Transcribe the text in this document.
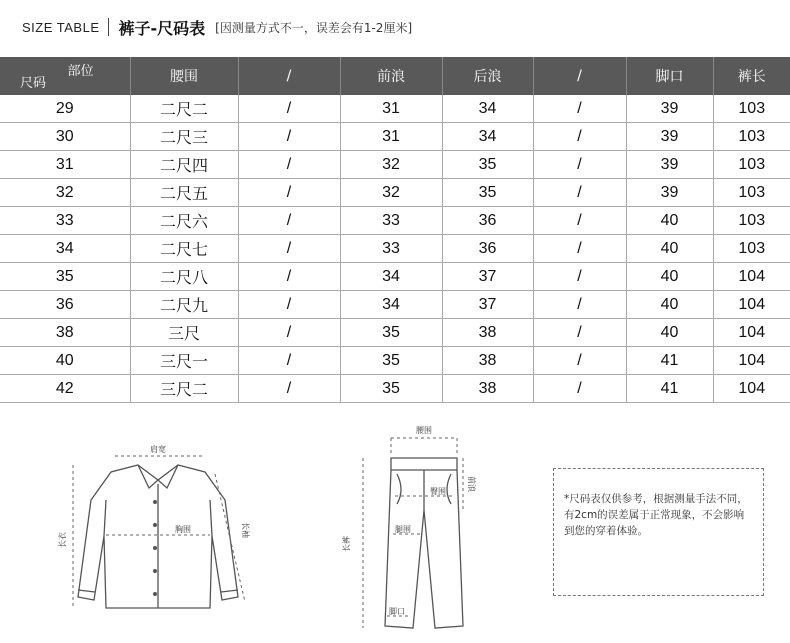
SIZE TABLE 裤子-尺码表 [因测量方式不一，误差会有1-2厘米]
部位
尺码	腰围	/	前浪	后浪	/	脚口	裤长
29	二尺二	/	31	34	/	39	103
30	二尺三	/	31	34	/	39	103
31	二尺四	/	32	35	/	39	103
32	二尺五	/	32	35	/	39	103
33	二尺六	/	33	36	/	40	103
34	二尺七	/	33	36	/	40	103
35	二尺八	/	34	37	/	40	104
36	二尺九	/	34	37	/	40	104
38	三尺	/	35	38	/	40	104
40	三尺一	/	35	38	/	41	104
42	三尺二	/	35	38	/	41	104
肩宽
胸围
长衣
长袖
腰围
前浪
臀围
腿围
长裤
脚口

*尺码表仅供参考，根据测量手法不同，有2cm的误差属于正常现象，不会影响到您的穿着体验。
